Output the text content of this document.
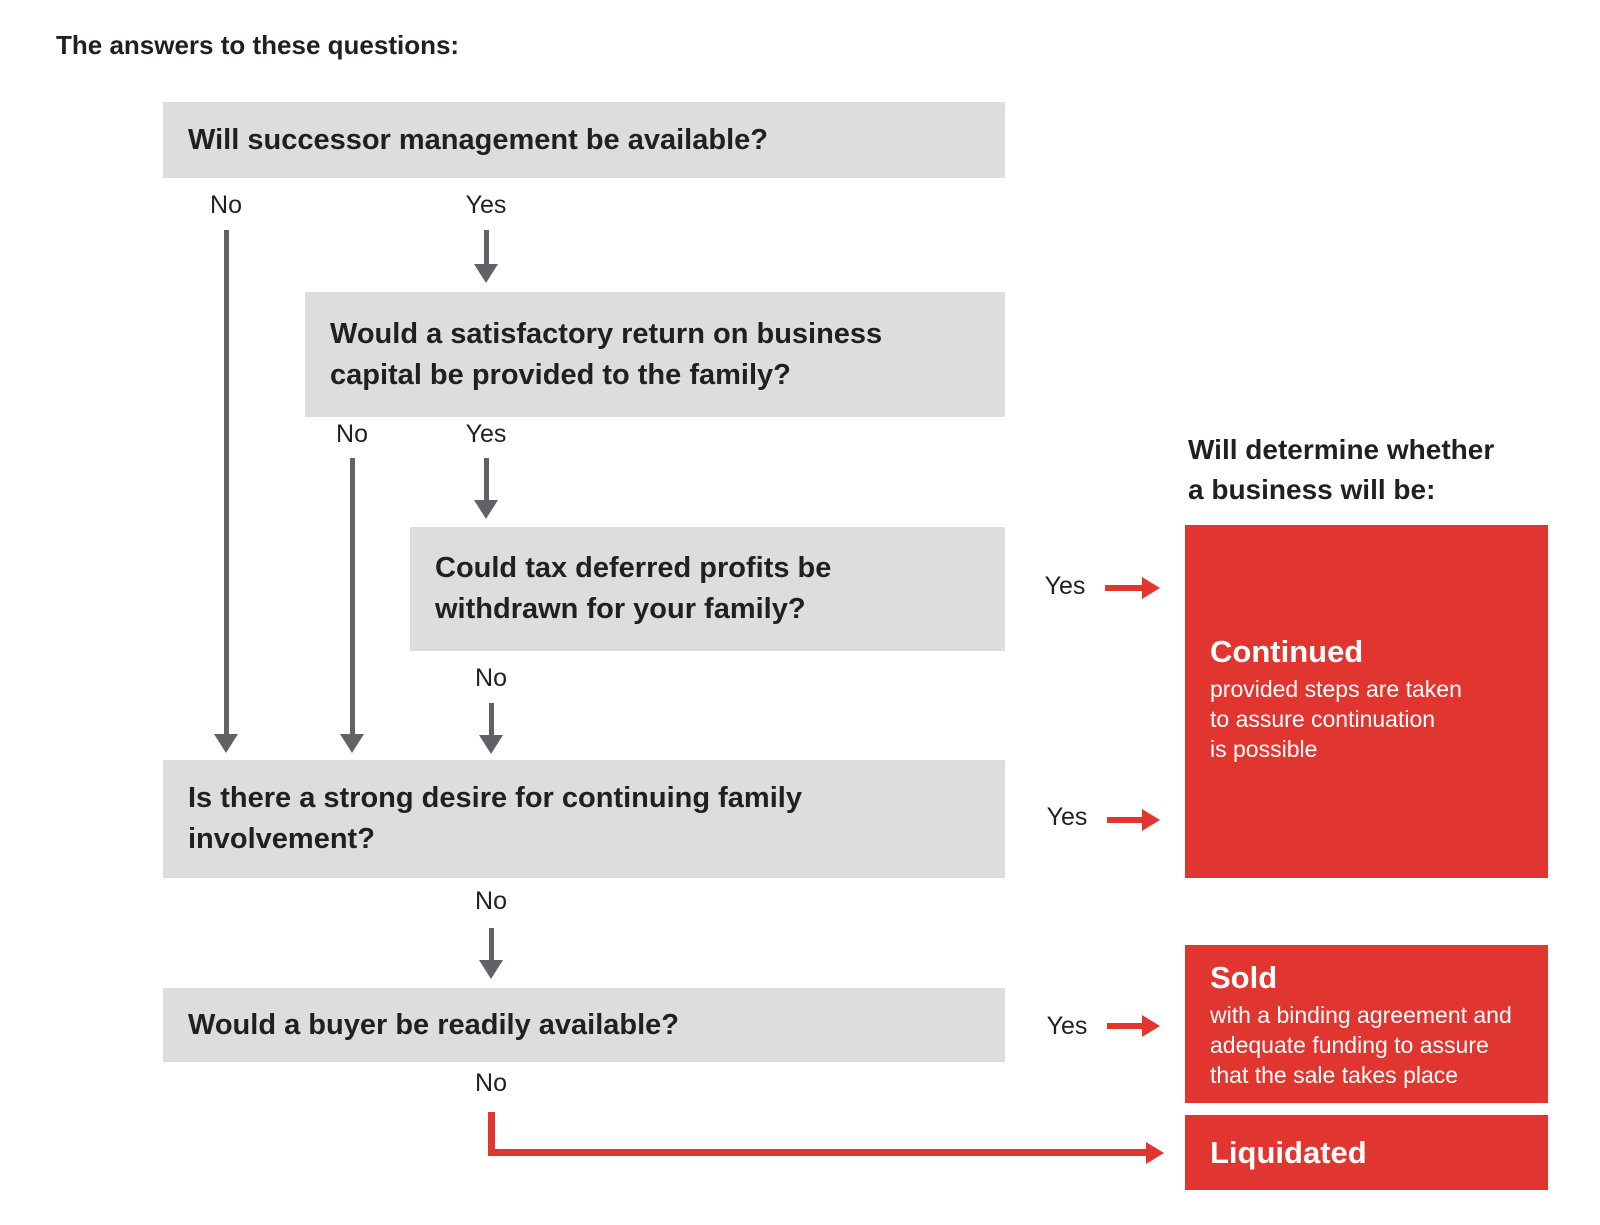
The answers to these questions:
Will successor management be available?
Would a satisfactory return on business
capital be provided to the family?
Could tax deferred profits be
withdrawn for your family?
Is there a strong desire for continuing family
involvement?
Would a buyer be readily available?
No	Yes
No	Yes
No
No
No
Will determine whether
a business will be:
Yes
Yes
Yes
Continued
provided steps are taken
to assure continuation
is possible
Sold
with a binding agreement and
adequate funding to assure
that the sale takes place
Liquidated
